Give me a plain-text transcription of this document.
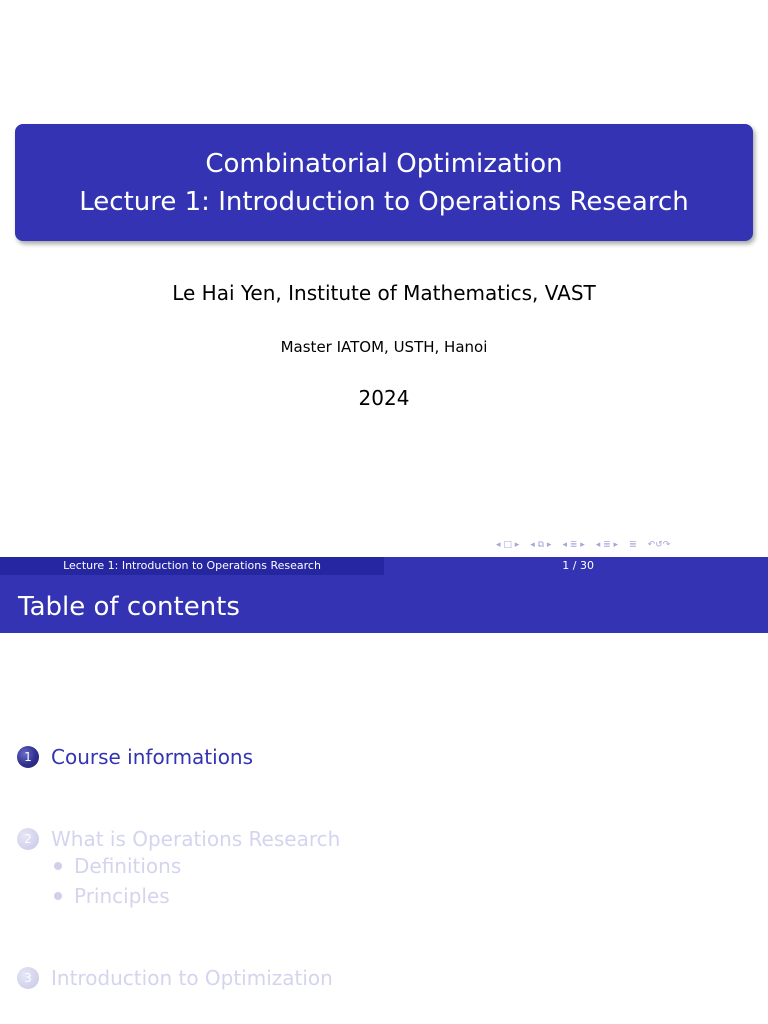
Combinatorial Optimization
Lecture 1: Introduction to Operations Research
Le Hai Yen, Institute of Mathematics, VAST
Master IATOM, USTH, Hanoi
2024
◂ □ ▸ ◂ ⧉ ▸ ◂ ≣ ▸ ◂ ≣ ▸ ≣ ↶↺↷
Lecture 1: Introduction to Operations Research	1 / 30
Table of contents
1 Course informations
2 What is Operations Research
Definitions
Principles
3 Introduction to Optimization
